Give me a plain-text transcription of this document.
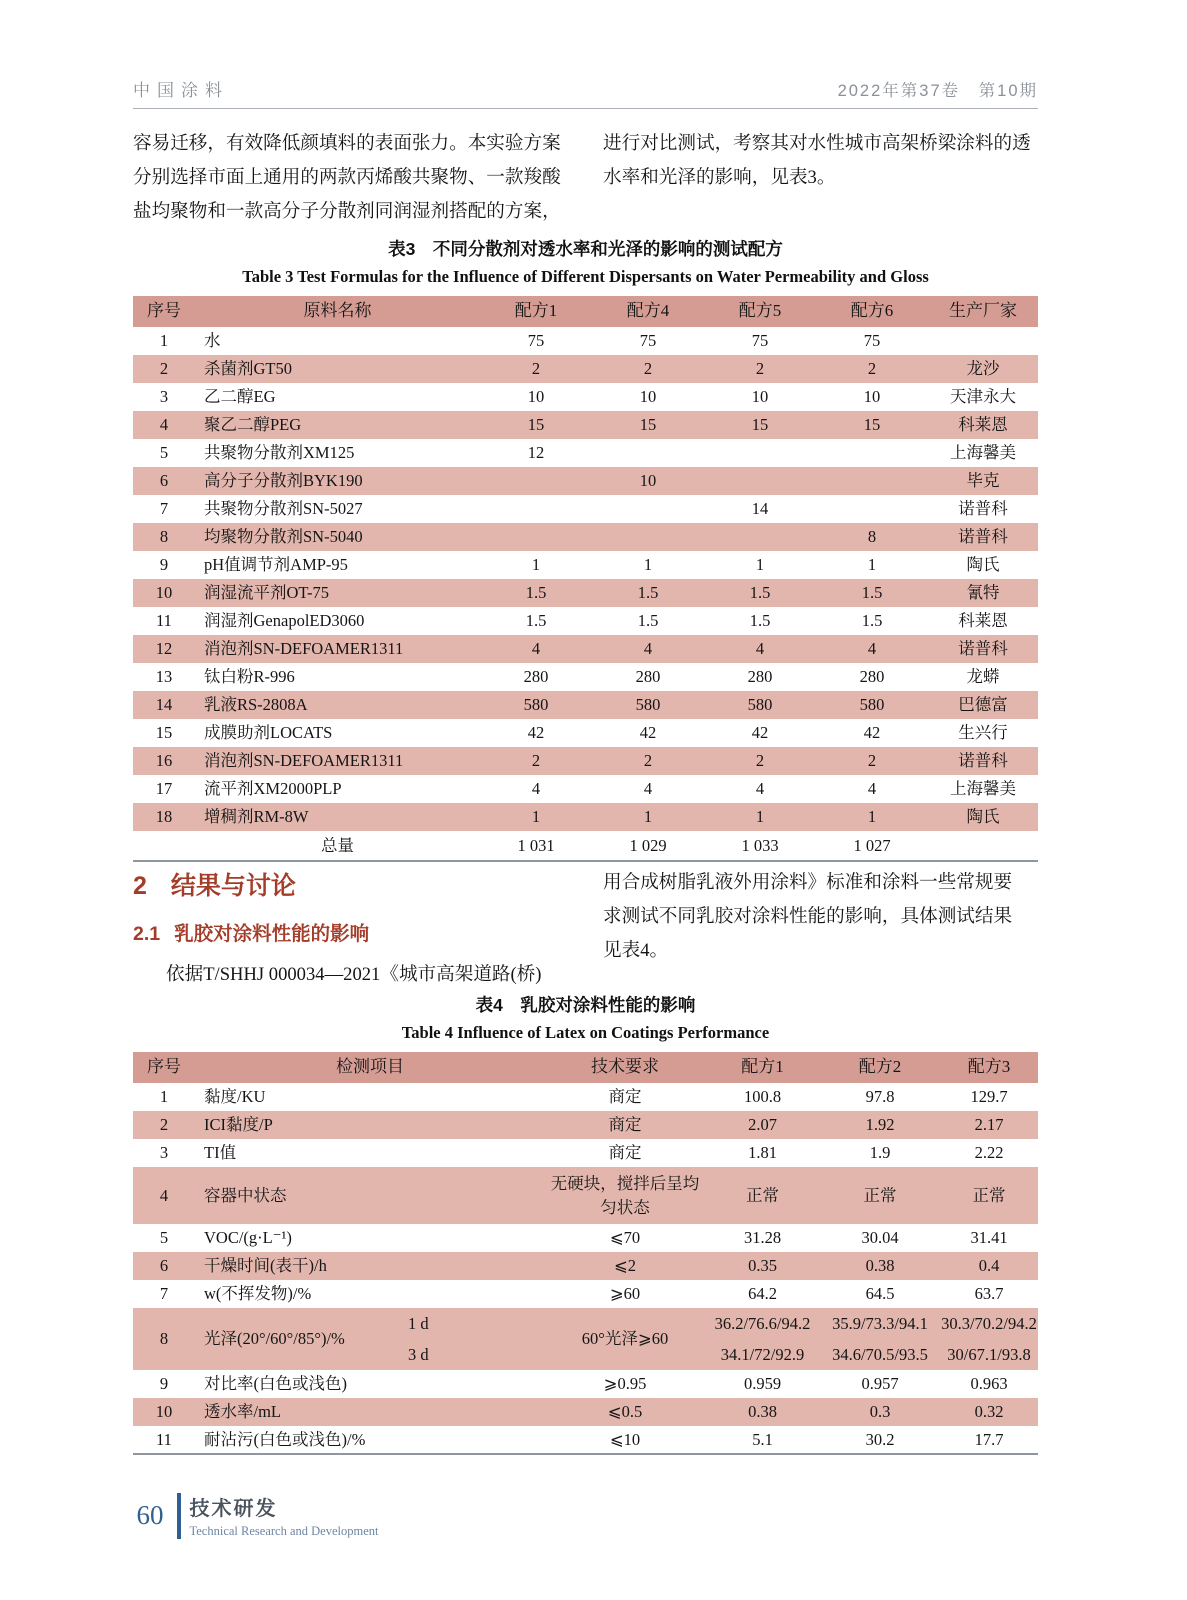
中国涂料	2022年第37卷　第10期
容易迁移，有效降低颜填料的表面张力。本实验方案
分别选择市面上通用的两款丙烯酸共聚物、一款羧酸
盐均聚物和一款高分子分散剂同润湿剂搭配的方案，
进行对比测试，考察其对水性城市高架桥梁涂料的透
水率和光泽的影响，见表3。
表3　不同分散剂对透水率和光泽的影响的测试配方
Table 3 Test Formulas for the Influence of Different Dispersants on Water Permeability and Gloss
序号	原料名称	配方1	配方4	配方5	配方6	生产厂家
1	水	75	75	75	75	
2	杀菌剂GT50	2	2	2	2	龙沙
3	乙二醇EG	10	10	10	10	天津永大
4	聚乙二醇PEG	15	15	15	15	科莱恩
5	共聚物分散剂XM125	12				上海馨美
6	高分子分散剂BYK190		10			毕克
7	共聚物分散剂SN-5027			14		诺普科
8	均聚物分散剂SN-5040				8	诺普科
9	pH值调节剂AMP-95	1	1	1	1	陶氏
10	润湿流平剂OT-75	1.5	1.5	1.5	1.5	氰特
11	润湿剂GenapolED3060	1.5	1.5	1.5	1.5	科莱恩
12	消泡剂SN-DEFOAMER1311	4	4	4	4	诺普科
13	钛白粉R-996	280	280	280	280	龙蟒
14	乳液RS-2808A	580	580	580	580	巴德富
15	成膜助剂LOCATS	42	42	42	42	生兴行
16	消泡剂SN-DEFOAMER1311	2	2	2	2	诺普科
17	流平剂XM2000PLP	4	4	4	4	上海馨美
18	增稠剂RM-8W	1	1	1	1	陶氏
	总量	1 031	1 029	1 033	1 027	
2 结果与讨论
2.1 乳胶对涂料性能的影响
依据T/SHHJ 000034—2021《城市高架道路(桥)
用合成树脂乳液外用涂料》标准和涂料一些常规要
求测试不同乳胶对涂料性能的影响，具体测试结果
见表4。
表4　乳胶对涂料性能的影响
Table 4 Influence of Latex on Coatings Performance
序号	检测项目		技术要求	配方1	配方2	配方3
1	黏度/KU		商定	100.8	97.8	129.7
2	ICI黏度/P		商定	2.07	1.92	2.17
3	TI值		商定	1.81	1.9	2.22
4	容器中状态		无硬块，搅拌后呈均匀状态	正常	正常	正常
5	VOC/(g·L⁻¹)		⩽70	31.28	30.04	31.41
6	干燥时间(表干)/h		⩽2	0.35	0.38	0.4
7	w(不挥发物)/%		⩾60	64.2	64.5	63.7
8	光泽(20°/60°/85°)/%	1 d	60°光泽⩾60	36.2/76.6/94.2	35.9/73.3/94.1	30.3/70.2/94.2
		3 d		34.1/72/92.9	34.6/70.5/93.5	30/67.1/93.8
9	对比率(白色或浅色)		⩾0.95	0.959	0.957	0.963
10	透水率/mL		⩽0.5	0.38	0.3	0.32
11	耐沾污(白色或浅色)/%		⩽10	5.1	30.2	17.7
60	技术研发
Technical Research and Development
